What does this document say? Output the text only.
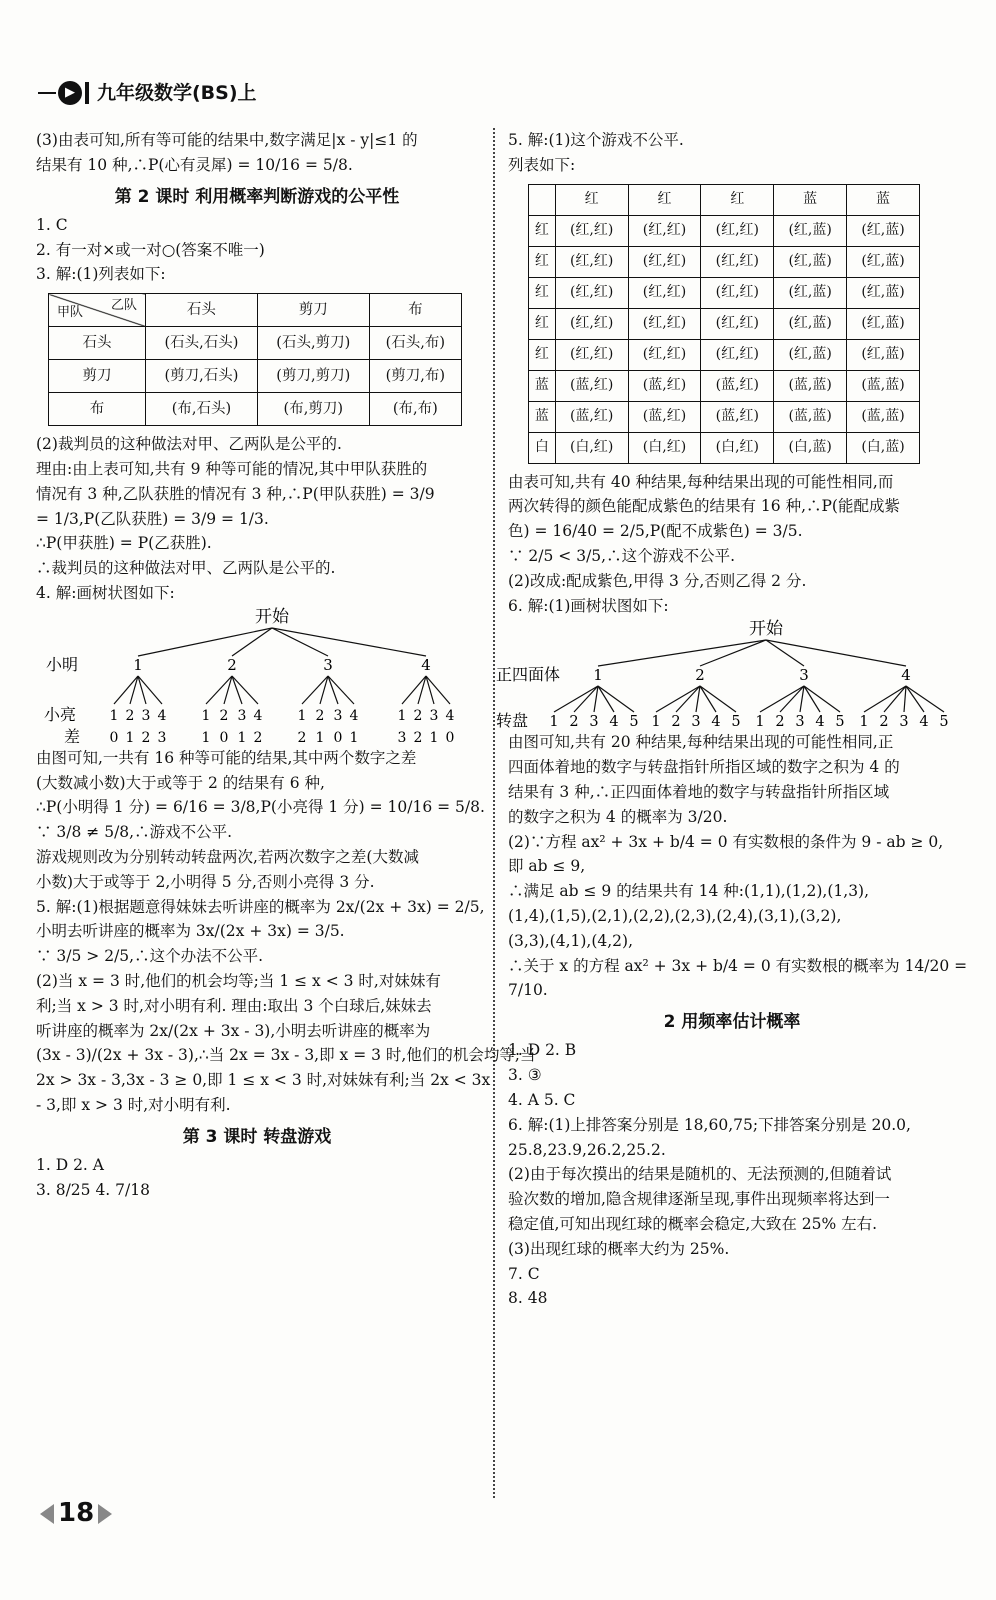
▶	九年级数学(BS)上

(3)由表可知,所有等可能的结果中,数字满足|x - y|≤1 的

结果有 10 种,∴P(心有灵犀) = 10/16 = 5/8.

第 2 课时 利用概率判断游戏的公平性

1. C

2. 有一对×或一对○(答案不唯一)

3. 解:(1)列表如下:

乙队
甲队	石头	剪刀	布
石头	(石头,石头)	(石头,剪刀)	(石头,布)
剪刀	(剪刀,石头)	(剪刀,剪刀)	(剪刀,布)
布	(布,石头)	(布,剪刀)	(布,布)

(2)裁判员的这种做法对甲、乙两队是公平的.

理由:由上表可知,共有 9 种等可能的情况,其中甲队获胜的

情况有 3 种,乙队获胜的情况有 3 种,∴P(甲队获胜) = 3/9

= 1/3,P(乙队获胜) = 3/9 = 1/3.

∴P(甲获胜) = P(乙获胜).

∴裁判员的这种做法对甲、乙两队是公平的.

4. 解:画树状图如下:

开始
小明	1	2	3	4
小亮 1 2 3 4	1 2 3 4	1 2 3 4	1 2 3 4
差 0 1 2 3	1 0 1 2	2 1 0 1	3 2 1 0

由图可知,一共有 16 种等可能的结果,其中两个数字之差

(大数减小数)大于或等于 2 的结果有 6 种,

∴P(小明得 1 分) = 6/16 = 3/8,P(小亮得 1 分) = 10/16 = 5/8.

∵ 3/8 ≠ 5/8,∴游戏不公平.

游戏规则改为分别转动转盘两次,若两次数字之差(大数减

小数)大于或等于 2,小明得 5 分,否则小亮得 3 分.

5. 解:(1)根据题意得妹妹去听讲座的概率为 2x/(2x + 3x) = 2/5,

小明去听讲座的概率为 3x/(2x + 3x) = 3/5.

∵ 3/5 > 2/5,∴这个办法不公平.

(2)当 x = 3 时,他们的机会均等;当 1 ≤ x < 3 时,对妹妹有

利;当 x > 3 时,对小明有利. 理由:取出 3 个白球后,妹妹去

听讲座的概率为 2x/(2x + 3x - 3),小明去听讲座的概率为

(3x - 3)/(2x + 3x - 3),∴当 2x = 3x - 3,即 x = 3 时,他们的机会均等;当

2x > 3x - 3,3x - 3 ≥ 0,即 1 ≤ x < 3 时,对妹妹有利;当 2x < 3x

- 3,即 x > 3 时,对小明有利.

第 3 课时 转盘游戏

1. D 2. A

3. 8/25 4. 7/18

5. 解:(1)这个游戏不公平.

列表如下:

	红	红	红	蓝	蓝
红	(红,红)	(红,红)	(红,红)	(红,蓝)	(红,蓝)
红	(红,红)	(红,红)	(红,红)	(红,蓝)	(红,蓝)
红	(红,红)	(红,红)	(红,红)	(红,蓝)	(红,蓝)
红	(红,红)	(红,红)	(红,红)	(红,蓝)	(红,蓝)
红	(红,红)	(红,红)	(红,红)	(红,蓝)	(红,蓝)
蓝	(蓝,红)	(蓝,红)	(蓝,红)	(蓝,蓝)	(蓝,蓝)
蓝	(蓝,红)	(蓝,红)	(蓝,红)	(蓝,蓝)	(蓝,蓝)
白	(白,红)	(白,红)	(白,红)	(白,蓝)	(白,蓝)

由表可知,共有 40 种结果,每种结果出现的可能性相同,而

两次转得的颜色能配成紫色的结果有 16 种,∴P(能配成紫

色) = 16/40 = 2/5,P(配不成紫色) = 3/5.

∵ 2/5 < 3/5,∴这个游戏不公平.

(2)改成:配成紫色,甲得 3 分,否则乙得 2 分.

6. 解:(1)画树状图如下:

开始
正四面体 1	2	3	4
转盘 1 2 3 4 5 1 2 3 4 5 1 2 3 4 5 1 2 3 4 5

由图可知,共有 20 种结果,每种结果出现的可能性相同,正

四面体着地的数字与转盘指针所指区域的数字之积为 4 的

结果有 3 种,∴正四面体着地的数字与转盘指针所指区域

的数字之积为 4 的概率为 3/20.

(2)∵方程 ax² + 3x + b/4 = 0 有实数根的条件为 9 - ab ≥ 0,

即 ab ≤ 9,

∴满足 ab ≤ 9 的结果共有 14 种:(1,1),(1,2),(1,3),

(1,4),(1,5),(2,1),(2,2),(2,3),(2,4),(3,1),(3,2),

(3,3),(4,1),(4,2),

∴关于 x 的方程 ax² + 3x + b/4 = 0 有实数根的概率为 14/20 =

7/10.

2 用频率估计概率

1. D 2. B

3. ③

4. A 5. C

6. 解:(1)上排答案分别是 18,60,75;下排答案分别是 20.0,

25.8,23.9,26.2,25.2.

(2)由于每次摸出的结果是随机的、无法预测的,但随着试

验次数的增加,隐含规律逐渐呈现,事件出现频率将达到一

稳定值,可知出现红球的概率会稳定,大致在 25% 左右.

(3)出现红球的概率大约为 25%.

7. C

8. 48

18
